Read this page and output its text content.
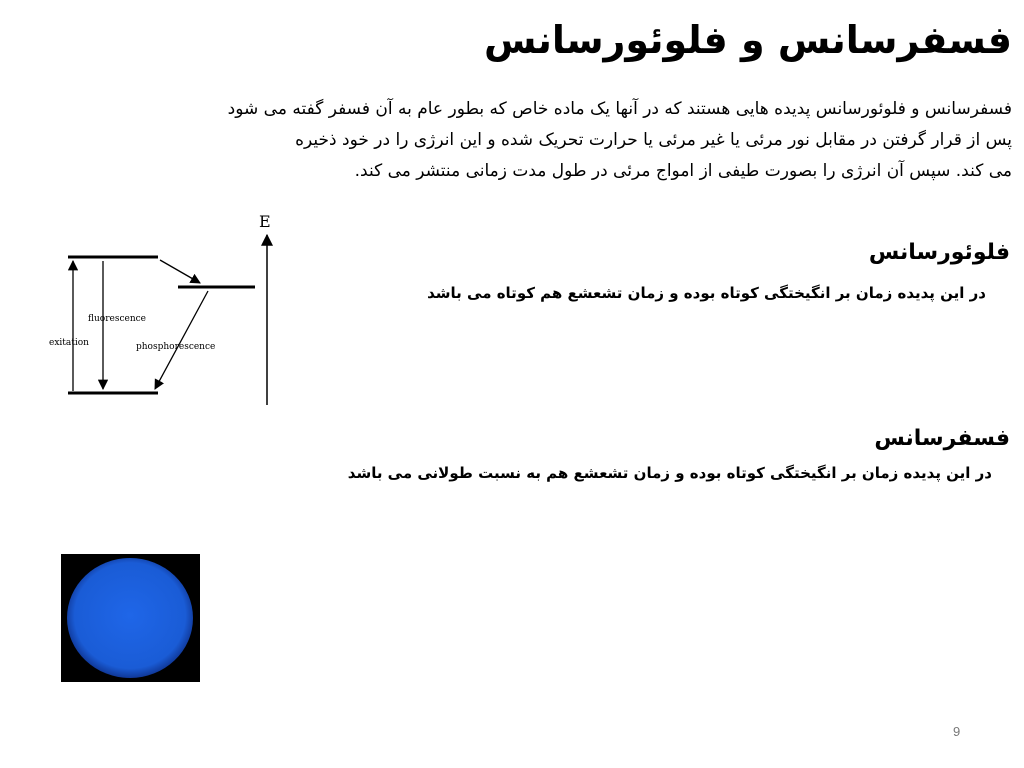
فسفرسانس و فلوئورسانس

فسفرسانس و فلوئورسانس پدیده هایی هستند که در آنها یک ماده خاص که بطور عام به آن فسفر گفته می شود

پس از قرار گرفتن در مقابل نور مرئی یا غیر مرئی یا حرارت تحریک شده و این انرژی را در خود ذخیره

می کند. سپس آن انرژی را بصورت طیفی از امواج مرئی در طول مدت زمانی منتشر می کند.

E
fluorescence
exitation	phosphorescence
فلوئورسانس
در این پدیده زمان بر انگیختگی کوتاه بوده و زمان تشعشع هم کوتاه می باشد
فسفرسانس
در این پدیده زمان بر انگیختگی کوتاه بوده و زمان تشعشع هم به نسبت طولانی می باشد
9
